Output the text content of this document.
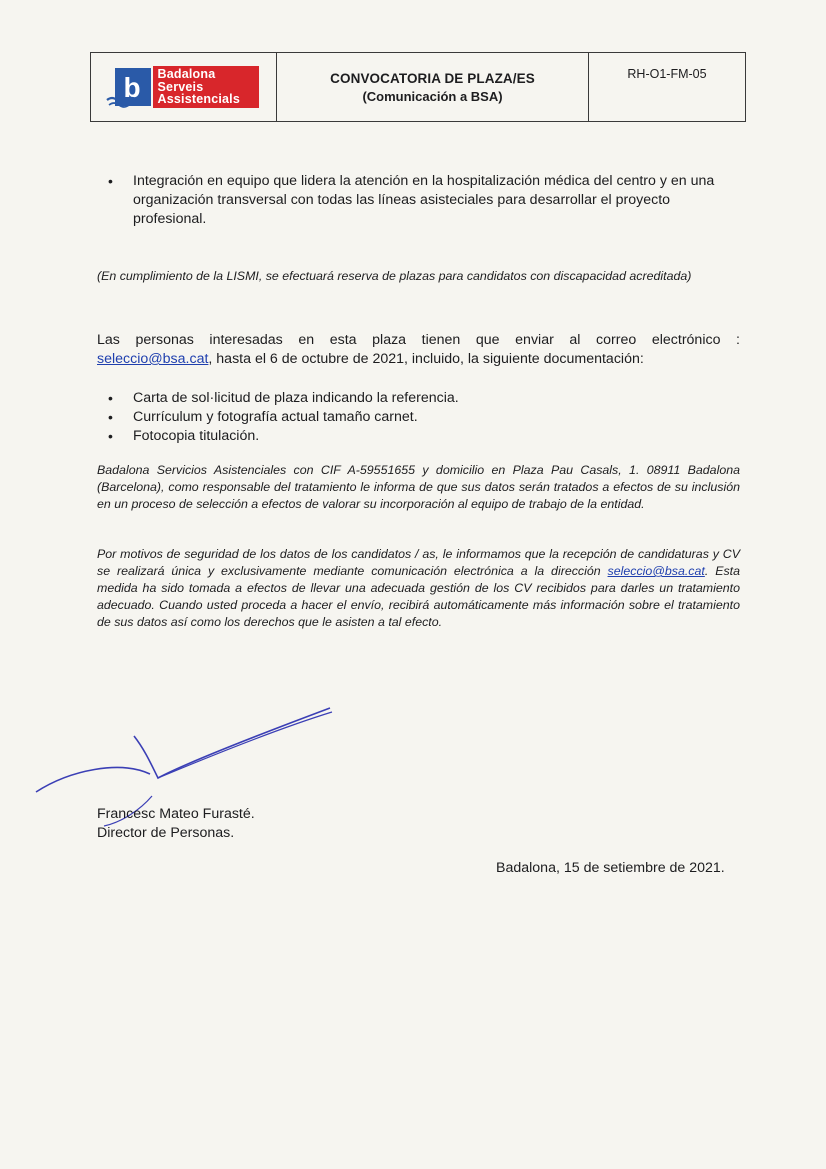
b Badalona
Serveis
Assistencials
CONVOCATORIA DE PLAZA/ES
(Comunicación a BSA)
RH-O1-FM-05
• Integración en equipo que lidera la atención en la hospitalización médica del centro y en una organización transversal con todas las líneas asisteciales para desarrollar el proyecto profesional.
(En cumplimiento de la LISMI, se efectuará reserva de plazas para candidatos con discapacidad acreditada)
Las personas interesadas en esta plaza tienen que enviar al correo electrónico :
seleccio@bsa.cat, hasta el 6 de octubre de 2021, incluido, la siguiente documentación:
• Carta de sol·licitud de plaza indicando la referencia.
• Currículum y fotografía actual tamaño carnet.
• Fotocopia titulación.
Badalona Servicios Asistenciales con CIF A-59551655 y domicilio en Plaza Pau Casals, 1. 08911 Badalona (Barcelona), como responsable del tratamiento le informa de que sus datos serán tratados a efectos de su inclusión en un proceso de selección a efectos de valorar su incorporación al equipo de trabajo de la entidad.
Por motivos de seguridad de los datos de los candidatos / as, le informamos que la recepción de candidaturas y CV se realizará única y exclusivamente mediante comunicación electrónica a la dirección seleccio@bsa.cat. Esta medida ha sido tomada a efectos de llevar una adecuada gestión de los CV recibidos para darles un tratamiento adecuado. Cuando usted proceda a hacer el envío, recibirá automáticamente más información sobre el tratamiento de sus datos así como los derechos que le asisten a tal efecto.
Francesc Mateo Furasté.
Director de Personas.
Badalona, 15 de setiembre de 2021.
